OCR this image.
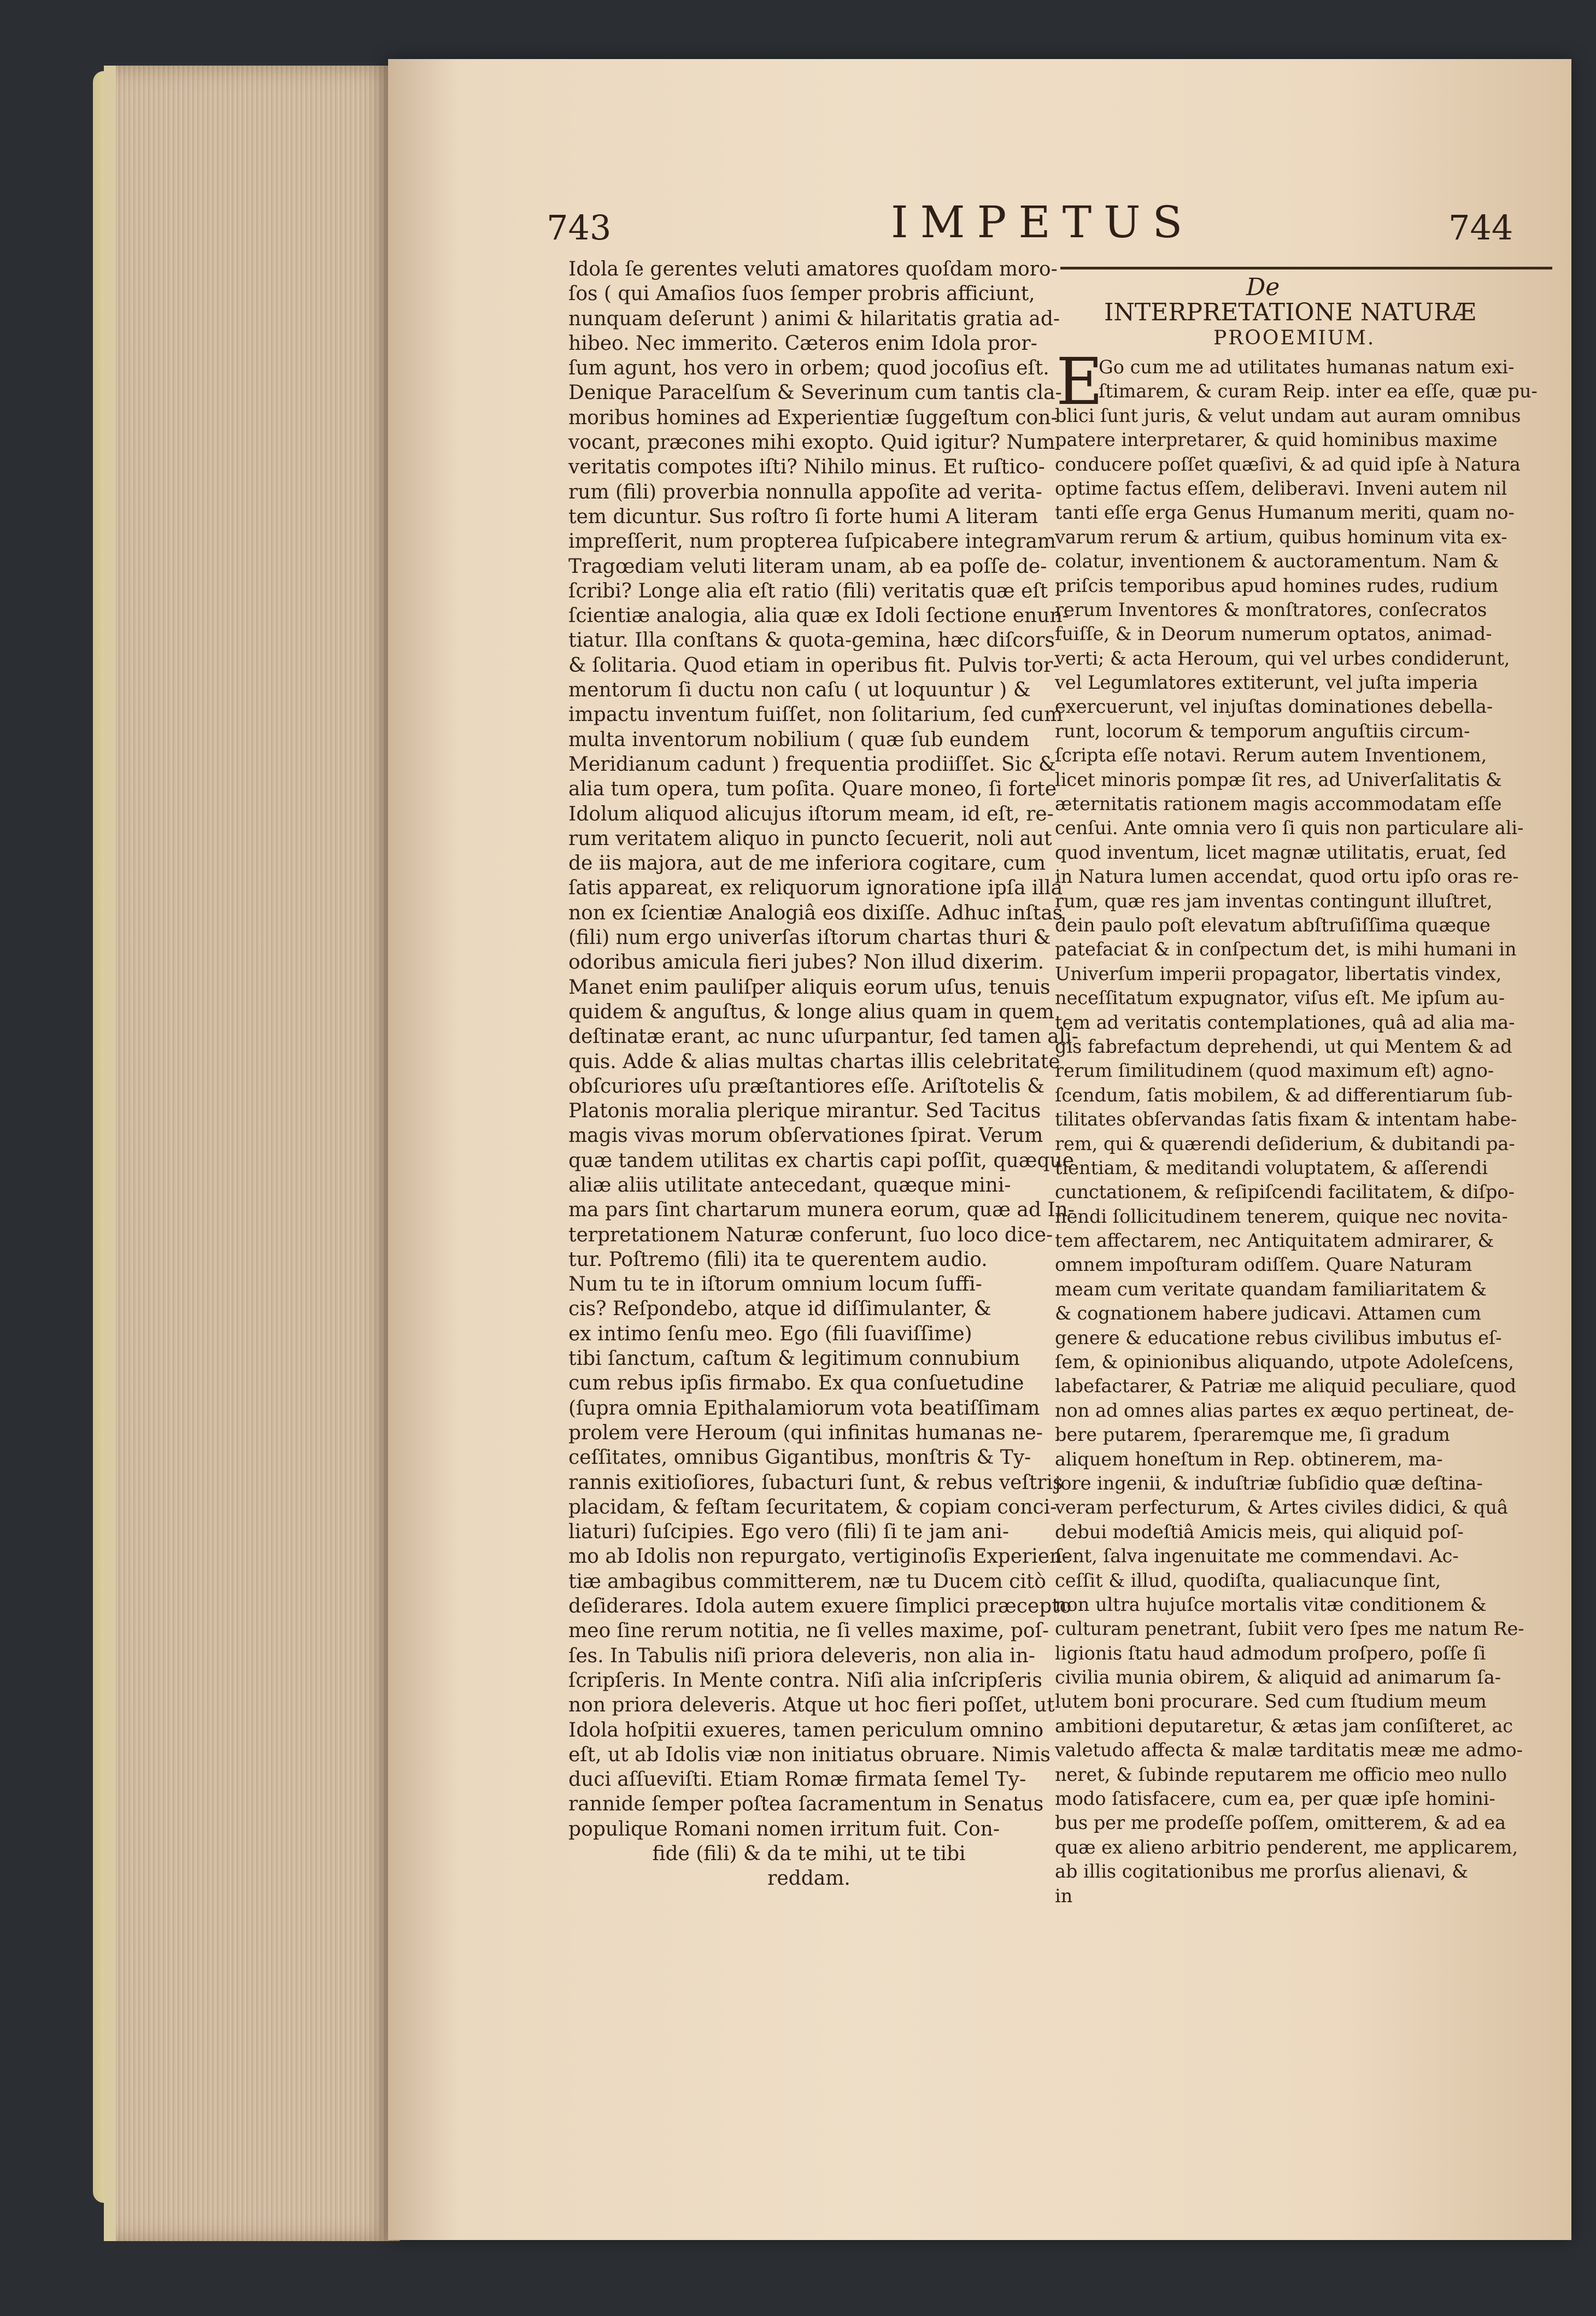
743	IMPETUS	744
Idola ſe gerentes veluti amatores quoſdam moro-
ſos ( qui Amaſios ſuos ſemper probris afficiunt,
nunquam deſerunt ) animi & hilaritatis gratia ad-
hibeo. Nec immerito. Cæteros enim Idola pror-
ſum agunt, hos vero in orbem; quod jocoſius eſt.
Denique Paracelſum & Severinum cum tantis cla-
moribus homines ad Experientiæ ſuggeſtum con-
vocant, præcones mihi exopto. Quid igitur? Num
veritatis compotes iſti? Nihilo minus. Et ruſtico-
rum (fili) proverbia nonnulla appoſite ad verita-
tem dicuntur. Sus roſtro ſi forte humi A literam
impreſſerit, num propterea ſuſpicabere integram
Tragœdiam veluti literam unam, ab ea poſſe de-
ſcribi? Longe alia eſt ratio (fili) veritatis quæ eſt
ſcientiæ analogia, alia quæ ex Idoli ſectione enun-
tiatur. Illa conſtans & quota-gemina, hæc diſcors
& ſolitaria. Quod etiam in operibus fit. Pulvis tor-
mentorum ſi ductu non caſu ( ut loquuntur ) &
impactu inventum fuiſſet, non ſolitarium, ſed cum
multa inventorum nobilium ( quæ ſub eundem
Meridianum cadunt ) frequentia prodiiſſet. Sic &
alia tum opera, tum poſita. Quare moneo, ſi forte
Idolum aliquod alicujus iſtorum meam, id eſt, re-
rum veritatem aliquo in puncto ſecuerit, noli aut
de iis majora, aut de me inferiora cogitare, cum
ſatis appareat, ex reliquorum ignoratione ipſa illa
non ex ſcientiæ Analogiâ eos dixiſſe. Adhuc inſtas
(fili) num ergo univerſas iſtorum chartas thuri &
odoribus amicula fieri jubes? Non illud dixerim.
Manet enim pauliſper aliquis eorum uſus, tenuis
quidem & anguſtus, & longe alius quam in quem
deſtinatæ erant, ac nunc uſurpantur, ſed tamen ali-
quis. Adde & alias multas chartas illis celebritate
obſcuriores uſu præſtantiores eſſe. Ariſtotelis &
Platonis moralia plerique mirantur. Sed Tacitus
magis vivas morum obſervationes ſpirat. Verum
quæ tandem utilitas ex chartis capi poſſit, quæque
aliæ aliis utilitate antecedant, quæque mini-
ma pars ſint chartarum munera eorum, quæ ad In-
terpretationem Naturæ conferunt, ſuo loco dice-
tur. Poſtremo (fili) ita te querentem audio.
Num tu te in iſtorum omnium locum ſuffi-
cis? Reſpondebo, atque id diſſimulanter, &
ex intimo ſenſu meo. Ego (fili ſuaviſſime)
tibi ſanctum, caſtum & legitimum connubium
cum rebus ipſis firmabo. Ex qua conſuetudine
(ſupra omnia Epithalamiorum vota beatiſſimam
prolem vere Heroum (qui infinitas humanas ne-
ceſſitates, omnibus Gigantibus, monſtris & Ty-
rannis exitioſiores, ſubacturi ſunt, & rebus veſtris
placidam, & feſtam ſecuritatem, & copiam conci-
liaturi) ſuſcipies. Ego vero (fili) ſi te jam ani-
mo ab Idolis non repurgato, vertiginoſis Experien-
tiæ ambagibus committerem, næ tu Ducem citò
deſiderares. Idola autem exuere ſimplici præcepto
meo ſine rerum notitia, ne ſi velles maxime, poſ-
ſes. In Tabulis niſi priora deleveris, non alia in-
ſcripſeris. In Mente contra. Niſi alia inſcripſeris
non priora deleveris. Atque ut hoc fieri poſſet, ut
Idola hoſpitii exueres, tamen periculum omnino
eſt, ut ab Idolis viæ non initiatus obruare. Nimis
duci aſſueviſti. Etiam Romæ firmata ſemel Ty-
rannide ſemper poſtea ſacramentum in Senatus
populique Romani nomen irritum fuit. Con-
fide (fili) & da te mihi, ut te tibi
reddam.
De
INTERPRETATIONE NATURÆ
PROOEMIUM.
E
Go cum me ad utilitates humanas natum exi-
ſtimarem, & curam Reip. inter ea eſſe, quæ pu-
blici ſunt juris, & velut undam aut auram omnibus
patere interpretarer, & quid hominibus maxime
conducere poſſet quæſivi, & ad quid ipſe à Natura
optime factus eſſem, deliberavi. Inveni autem nil
tanti eſſe erga Genus Humanum meriti, quam no-
varum rerum & artium, quibus hominum vita ex-
colatur, inventionem & auctoramentum. Nam &
priſcis temporibus apud homines rudes, rudium
rerum Inventores & monſtratores, conſecratos
fuiſſe, & in Deorum numerum optatos, animad-
verti; & acta Heroum, qui vel urbes condiderunt,
vel Legumlatores extiterunt, vel juſta imperia
exercuerunt, vel injuſtas dominationes debella-
runt, locorum & temporum anguſtiis circum-
ſcripta eſſe notavi. Rerum autem Inventionem,
licet minoris pompæ ſit res, ad Univerſalitatis &
æternitatis rationem magis accommodatam eſſe
cenſui. Ante omnia vero ſi quis non particulare ali-
quod inventum, licet magnæ utilitatis, eruat, ſed
in Natura lumen accendat, quod ortu ipſo oras re-
rum, quæ res jam inventas contingunt illuſtret,
dein paulo poſt elevatum abſtruſiſſima quæque
patefaciat & in conſpectum det, is mihi humani in
Univerſum imperii propagator, libertatis vindex,
neceſſitatum expugnator, viſus eſt. Me ipſum au-
tem ad veritatis contemplationes, quâ ad alia ma-
gis fabrefactum deprehendi, ut qui Mentem & ad
rerum ſimilitudinem (quod maximum eſt) agno-
ſcendum, ſatis mobilem, & ad differentiarum ſub-
tilitates obſervandas ſatis fixam & intentam habe-
rem, qui & quærendi deſiderium, & dubitandi pa-
tientiam, & meditandi voluptatem, & aſſerendi
cunctationem, & reſipiſcendi facilitatem, & diſpo-
nendi ſollicitudinem tenerem, quique nec novita-
tem affectarem, nec Antiquitatem admirarer, &
omnem impoſturam odiſſem. Quare Naturam
meam cum veritate quandam familiaritatem &
& cognationem habere judicavi. Attamen cum
genere & educatione rebus civilibus imbutus eſ-
ſem, & opinionibus aliquando, utpote Adoleſcens,
labefactarer, & Patriæ me aliquid peculiare, quod
non ad omnes alias partes ex æquo pertineat, de-
bere putarem, ſperaremque me, ſi gradum
aliquem honeſtum in Rep. obtinerem, ma-
jore ingenii, & induſtriæ ſubſidio quæ deſtina-
veram perfecturum, & Artes civiles didici, & quâ
debui modeſtiâ Amicis meis, qui aliquid poſ-
ſent, ſalva ingenuitate me commendavi. Ac-
ceſſit & illud, quodiſta, qualiacunque ſint,
non ultra hujuſce mortalis vitæ conditionem &
culturam penetrant, ſubiit vero ſpes me natum Re-
ligionis ſtatu haud admodum proſpero, poſſe ſi
civilia munia obirem, & aliquid ad animarum ſa-
lutem boni procurare. Sed cum ſtudium meum
ambitioni deputaretur, & ætas jam conſiſteret, ac
valetudo affecta & malæ tarditatis meæ me admo-
neret, & ſubinde reputarem me officio meo nullo
modo ſatisfacere, cum ea, per quæ ipſe homini-
bus per me prodeſſe poſſem, omitterem, & ad ea
quæ ex alieno arbitrio penderent, me applicarem,
ab illis cogitationibus me prorſus alienavi, &
in
